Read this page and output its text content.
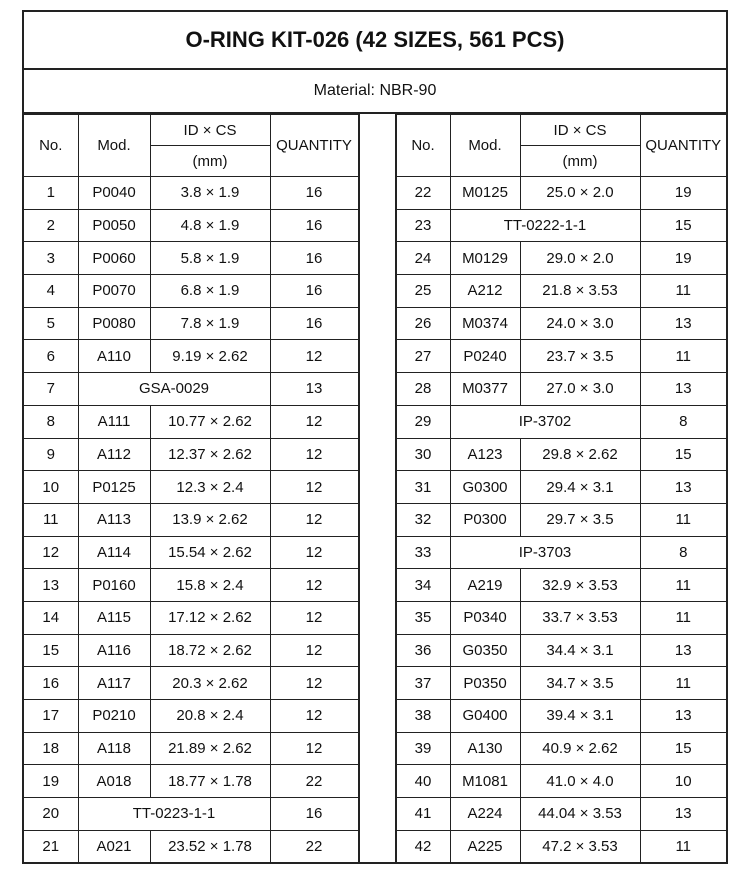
O-RING KIT-026 (42 SIZES, 561 PCS)
Material: NBR-90
No.	Mod.	ID × CS	QUANTITY
		(mm)	
1	P0040	3.8 × 1.9	16
2	P0050	4.8 × 1.9	16
3	P0060	5.8 × 1.9	16
4	P0070	6.8 × 1.9	16
5	P0080	7.8 × 1.9	16
6	A110	9.19 × 2.62	12
7	GSA-0029		13
8	A111	10.77 × 2.62	12
9	A112	12.37 × 2.62	12
10	P0125	12.3 × 2.4	12
11	A113	13.9 × 2.62	12
12	A114	15.54 × 2.62	12
13	P0160	15.8 × 2.4	12
14	A115	17.12 × 2.62	12
15	A116	18.72 × 2.62	12
16	A117	20.3 × 2.62	12
17	P0210	20.8 × 2.4	12
18	A118	21.89 × 2.62	12
19	A018	18.77 × 1.78	22
20	TT-0223-1-1		16
21	A021	23.52 × 1.78	22
No.	Mod.	ID × CS	QUANTITY
		(mm)	
22	M0125	25.0 × 2.0	19
23	TT-0222-1-1		15
24	M0129	29.0 × 2.0	19
25	A212	21.8 × 3.53	11
26	M0374	24.0 × 3.0	13
27	P0240	23.7 × 3.5	11
28	M0377	27.0 × 3.0	13
29	IP-3702		8
30	A123	29.8 × 2.62	15
31	G0300	29.4 × 3.1	13
32	P0300	29.7 × 3.5	11
33	IP-3703		8
34	A219	32.9 × 3.53	11
35	P0340	33.7 × 3.53	11
36	G0350	34.4 × 3.1	13
37	P0350	34.7 × 3.5	11
38	G0400	39.4 × 3.1	13
39	A130	40.9 × 2.62	15
40	M1081	41.0 × 4.0	10
41	A224	44.04 × 3.53	13
42	A225	47.2 × 3.53	11
